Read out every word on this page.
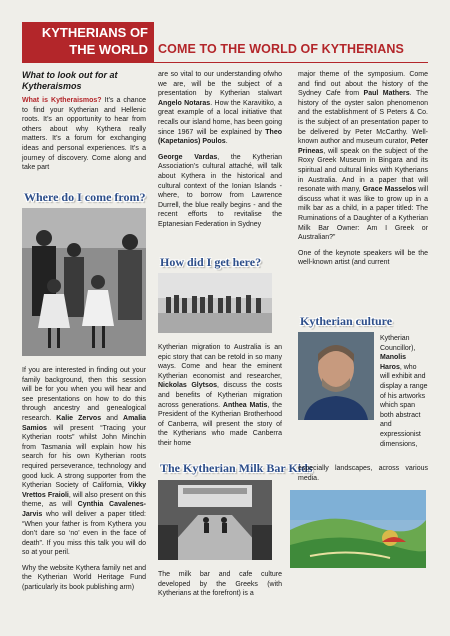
KYTHERIANS OF
THE WORLD COME TO THE WORLD OF KYTHERIANS
What to look out for at
Kytheraismos

What is Kytheraismos? It’s a chance to find your Kytherian and Hellenic roots. It’s an opportunity to hear from others about why Kythera really matters. It’s a forum for exchanging ideas and personal experiences. It’s a journey of discovery. Come along and take part

Where do I come from?

If you are interested in finding out your family background, then this session will be for you when you will hear and see presentations on how to do this through ancestry and genealogical research. Kalie Zervos and Amalia Samios will present “Tracing your Kytherian roots” whilst John Minchin from Tasmania will explain how his search for his own Kytherian roots required perseverance, technology and good luck. A strong supporter from the Kytherian Society of California, Vikky Vrettos Fraioli, will also present on this theme, as will Cynthia Cavalenes-Jarvis who will deliver a paper titled: “When your father is from Kythera you don’t dare so ‘no’ even in the face of death”. If you miss this talk you will do so at your peril.

Why the website Kythera family net and the Kytherian World Heritage Fund (particularly its book publishing arm)

are so vital to our understanding ofwho we are, will be the subject of a presentation by Kytherian stalwart Angelo Notaras. How the Karavitiko, a great example of a local initiative that recalls our island home, has been going since 1967 will be explained by Theo (Kapetanios) Poulos.

George Vardas, the Kytherian Association’s cultural attaché, will talk about Kythera in the historical and cultural context of the Ionian Islands - where, to borrow from Lawrence Durrell, the blue really begins - and the recent efforts to revitalise the Eptanesian Federation in Sydney

How did I get here?

Kytherian migration to Australia is an epic story that can be retold in so many ways. Come and hear the eminent Kytherian economist and researcher, Nickolas Glytsos, discuss the costs and benefits of Kytherian migration across generations. Anthea Matis, the President of the Kytherian Brotherhood of Canberra, will present the story of the Kytherians who made Canberra their home

The Kytherian Milk Bar Kids

The milk bar and cafe culture developed by the Greeks (with Kytherians at the forefront) is a

major theme of the symposium. Come and find out about the history of the Sydney Cafe from Paul Mathers. The history of the oyster salon phenomenon and the establishment of S Peters & Co. is the subject of an presentation paper to be delivered by Peter McCarthy. Well-known author and museum curator, Peter Prineas, will speak on the subject of the Roxy Greek Museum in Bingara and its spiritual and cultural links with Kytherians in Australia. And in a paper that will resonate with many, Grace Masselos will discuss what it was like to grow up in a milk bar as a child, in a paper titled: The Ruminations of a Daughter of a Kytherian Milk Bar Owner: Am I Greek or Australian?”

One of the keynote speakers will be the well-known artist (and current

Kytherian culture
Kytherian Councillor), Manolis Haros, who will exhibit and display a range of his artworks which span both abstract and expressionist dimensions,

especially landscapes, across various media.
